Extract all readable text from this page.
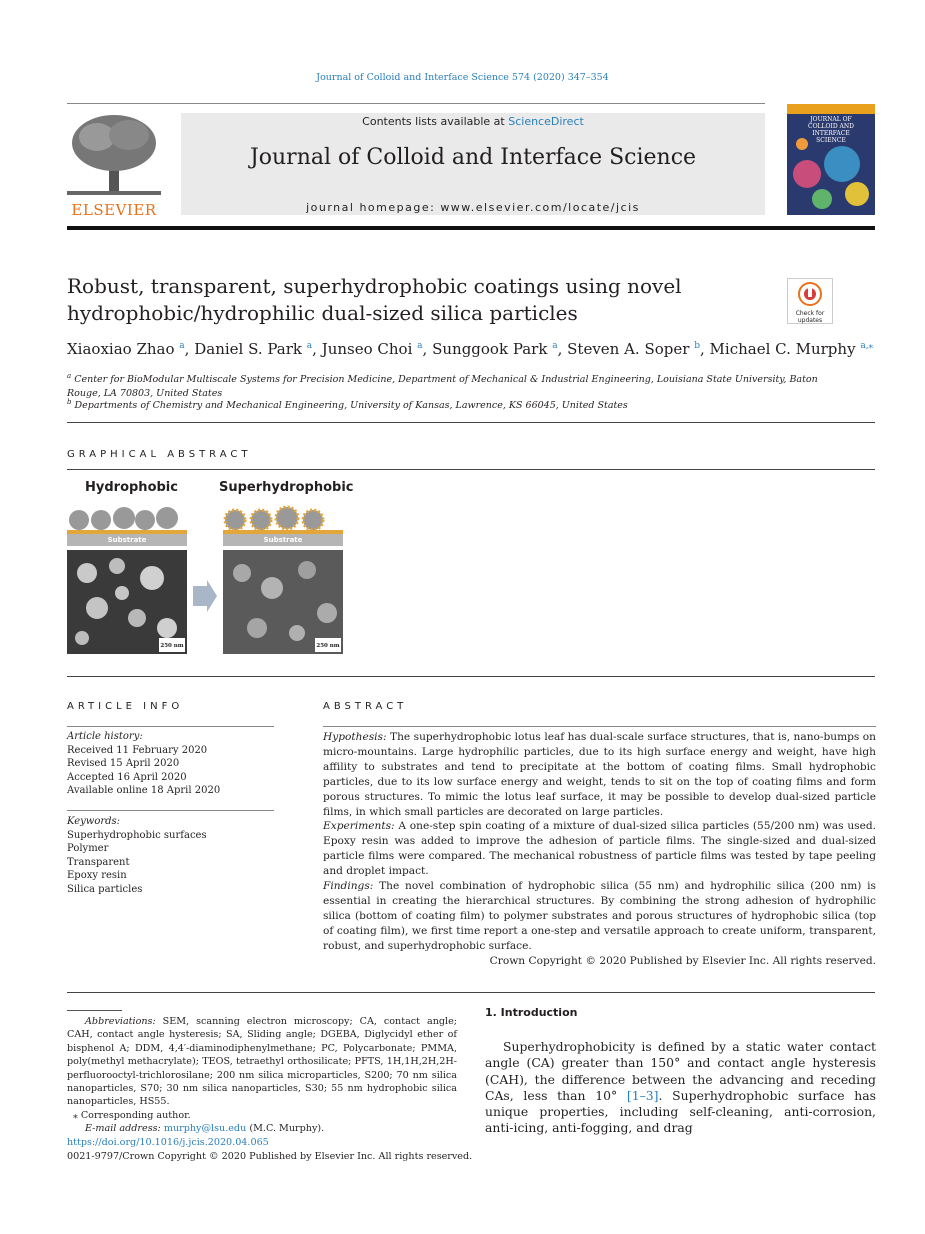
Journal of Colloid and Interface Science 574 (2020) 347–354
ELSEVIER
Contents lists available at ScienceDirect
Journal of Colloid and Interface Science
journal homepage: www.elsevier.com/locate/jcis
JOURNAL OF
COLLOID AND
INTERFACE
SCIENCE
Robust, transparent, superhydrophobic coatings using novel
hydrophobic/hydrophilic dual-sized silica particles	Check for updates
Xiaoxiao Zhao $^a$, Daniel S. Park $^a$, Junseo Choi $^a$, Sunggook Park $^a$, Steven A. Soper $^b$, Michael C. Murphy $^{a,⁎}$
$^a$ Center for BioModular Multiscale Systems for Precision Medicine, Department of Mechanical & Industrial Engineering, Louisiana State University, Baton Rouge, LA 70803, United States
$^b$ Departments of Chemistry and Mechanical Engineering, University of Kansas, Lawrence, KS 66045, United States
GRAPHICAL ABSTRACT
Hydrophobic	Superhydrophobic
Substrate	Substrate
250 nm	250 nm
ARTICLE INFO
Article history:
Received 11 February 2020
Revised 15 April 2020
Accepted 16 April 2020
Available online 18 April 2020
Keywords:
Superhydrophobic surfaces
Polymer
Transparent
Epoxy resin
Silica particles
ABSTRACT
Hypothesis: The superhydrophobic lotus leaf has dual-scale surface structures, that is, nano-bumps on micro-mountains. Large hydrophilic particles, due to its high surface energy and weight, have high affility to substrates and tend to precipitate at the bottom of coating films. Small hydrophobic particles, due to its low surface energy and weight, tends to sit on the top of coating films and form porous structures. To mimic the lotus leaf surface, it may be possible to develop dual-sized particle films, in which small particles are decorated on large particles.
Experiments: A one-step spin coating of a mixture of dual-sized silica particles (55/200 nm) was used. Epoxy resin was added to improve the adhesion of particle films. The single-sized and dual-sized particle films were compared. The mechanical robustness of particle films was tested by tape peeling and droplet impact.
Findings: The novel combination of hydrophobic silica (55 nm) and hydrophilic silica (200 nm) is essential in creating the hierarchical structures. By combining the strong adhesion of hydrophilic silica (bottom of coating film) to polymer substrates and porous structures of hydrophobic silica (top of coating film), we first time report a one-step and versatile approach to create uniform, transparent, robust, and superhydrophobic surface.
Crown Copyright © 2020 Published by Elsevier Inc. All rights reserved.
Abbreviations: SEM, scanning electron microscopy; CA, contact angle; CAH, contact angle hysteresis; SA, Sliding angle; DGEBA, Diglycidyl ether of bisphenol A; DDM, 4,4′-diaminodiphenylmethane; PC, Polycarbonate; PMMA, poly(methyl methacrylate); TEOS, tetraethyl orthosilicate; PFTS, 1H,1H,2H,2H-perfluorooctyl-trichlorosilane; 200 nm silica microparticles, S200; 70 nm silica nanoparticles, S70; 30 nm silica nanoparticles, S30; 55 nm hydrophobic silica nanoparticles, HS55.
⁎ Corresponding author.
E-mail address: murphy@lsu.edu (M.C. Murphy).
https://doi.org/10.1016/j.jcis.2020.04.065
0021-9797/Crown Copyright © 2020 Published by Elsevier Inc. All rights reserved.
1. Introduction
Superhydrophobicity is defined by a static water contact angle (CA) greater than 150° and contact angle hysteresis (CAH), the difference between the advancing and receding CAs, less than 10° [1–3]. Superhydrophobic surface has unique properties, including self-cleaning, anti-corrosion, anti-icing, anti-fogging, and drag
